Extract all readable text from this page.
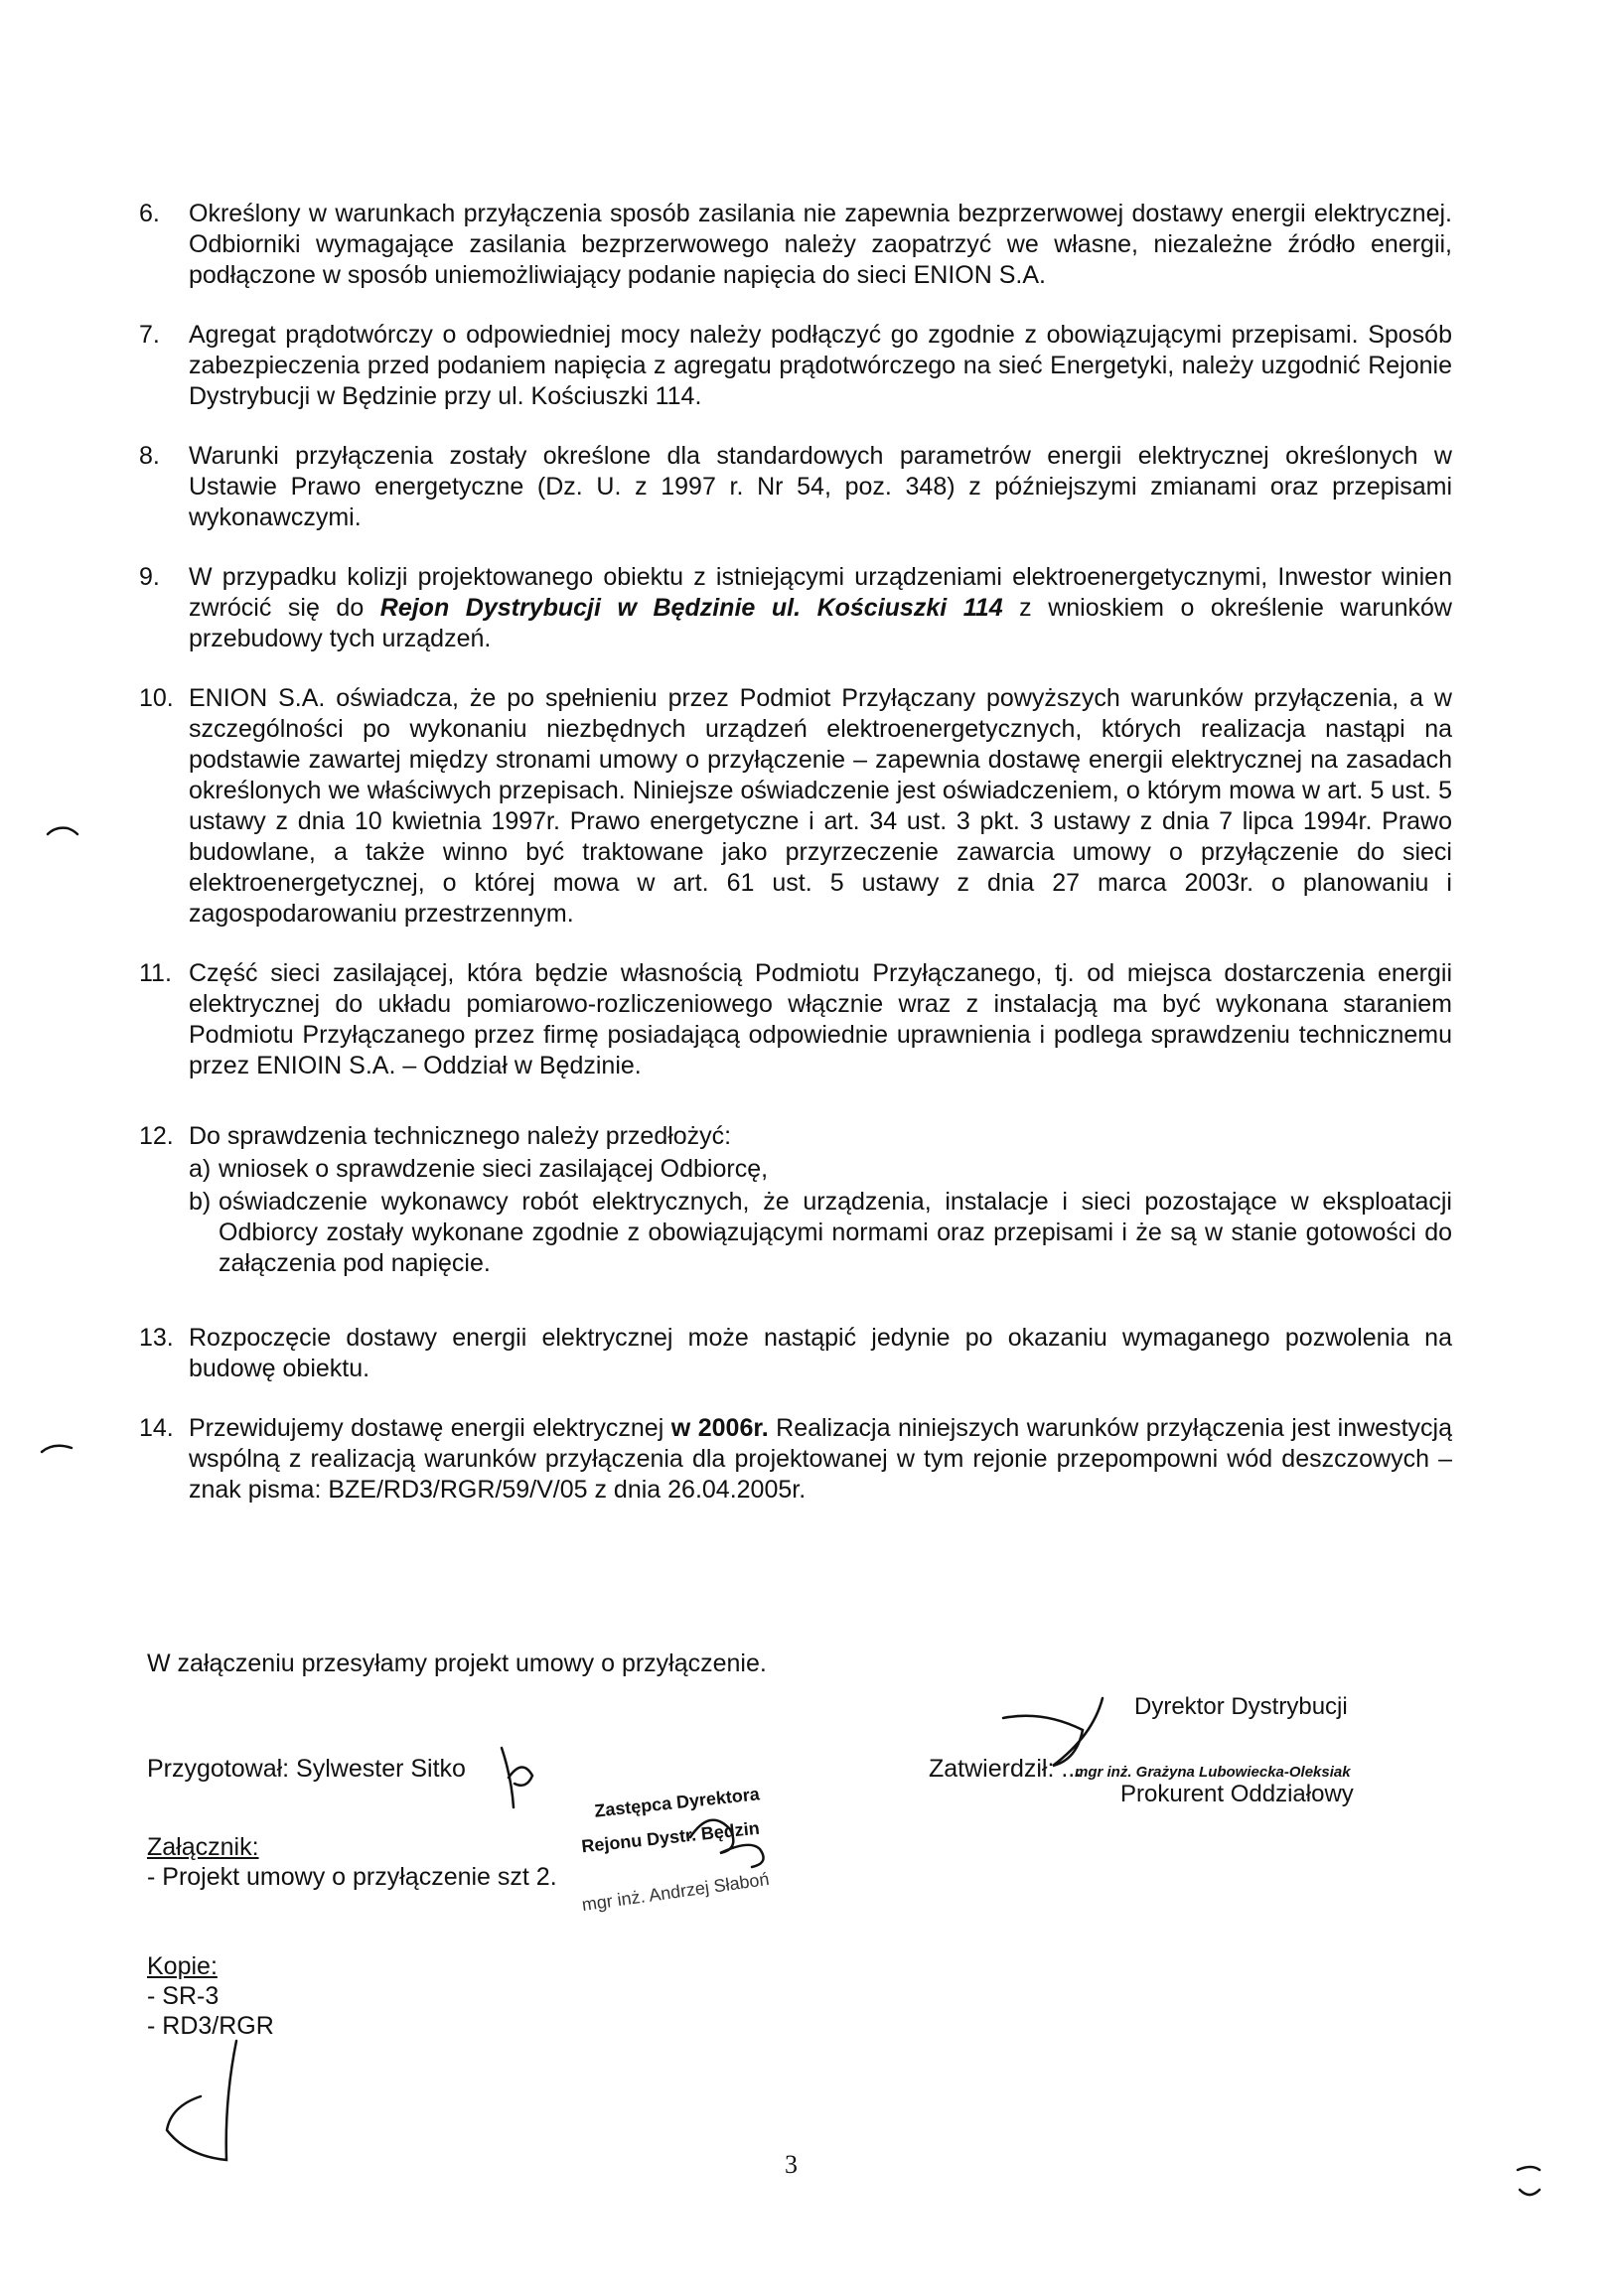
6.	Określony w warunkach przyłączenia sposób zasilania nie zapewnia bezprzerwowej dostawy energii elektrycznej. Odbiorniki wymagające zasilania bezprzerwowego należy zaopatrzyć we własne, niezależne źródło energii, podłączone w sposób uniemożliwiający podanie napięcia do sieci ENION S.A.
7.	Agregat prądotwórczy o odpowiedniej mocy należy podłączyć go zgodnie z obowiązującymi przepisami. Sposób zabezpieczenia przed podaniem napięcia z agregatu prądotwórczego na sieć Energetyki, należy uzgodnić Rejonie Dystrybucji w Będzinie przy ul. Kościuszki 114.
8.	Warunki przyłączenia zostały określone dla standardowych parametrów energii elektrycznej określonych w Ustawie Prawo energetyczne (Dz. U. z 1997 r. Nr 54, poz. 348) z późniejszymi zmianami oraz przepisami wykonawczymi.
9.	W przypadku kolizji projektowanego obiektu z istniejącymi urządzeniami elektroenergetycznymi, Inwestor winien zwrócić się do Rejon Dystrybucji w Będzinie ul. Kościuszki 114 z wnioskiem o określenie warunków przebudowy tych urządzeń.
10. ENION S.A. oświadcza, że po spełnieniu przez Podmiot Przyłączany powyższych warunków przyłączenia, a w szczególności po wykonaniu niezbędnych urządzeń elektroenergetycznych, których realizacja nastąpi na podstawie zawartej między stronami umowy o przyłączenie – zapewnia dostawę energii elektrycznej na zasadach określonych we właściwych przepisach. Niniejsze oświadczenie jest oświadczeniem, o którym mowa w art. 5 ust. 5 ustawy z dnia 10 kwietnia 1997r. Prawo energetyczne i art. 34 ust. 3 pkt. 3 ustawy z dnia 7 lipca 1994r. Prawo budowlane, a także winno być traktowane jako przyrzeczenie zawarcia umowy o przyłączenie do sieci elektroenergetycznej, o której mowa w art. 61 ust. 5 ustawy z dnia 27 marca 2003r. o planowaniu i zagospodarowaniu przestrzennym.
11. Część sieci zasilającej, która będzie własnością Podmiotu Przyłączanego, tj. od miejsca dostarczenia energii elektrycznej do układu pomiarowo-rozliczeniowego włącznie wraz z instalacją ma być wykonana staraniem Podmiotu Przyłączanego przez firmę posiadającą odpowiednie uprawnienia i podlega sprawdzeniu technicznemu przez ENIOIN S.A. – Oddział w Będzinie.
12. Do sprawdzenia technicznego należy przedłożyć:
a) wniosek o sprawdzenie sieci zasilającej Odbiorcę,
b) oświadczenie wykonawcy robót elektrycznych, że urządzenia, instalacje i sieci pozostające w eksploatacji Odbiorcy zostały wykonane zgodnie z obowiązującymi normami oraz przepisami i że są w stanie gotowości do załączenia pod napięcie.
13. Rozpoczęcie dostawy energii elektrycznej może nastąpić jedynie po okazaniu wymaganego pozwolenia na budowę obiektu.
14. Przewidujemy dostawę energii elektrycznej w 2006r. Realizacja niniejszych warunków przyłączenia jest inwestycją wspólną z realizacją warunków przyłączenia dla projektowanej w tym rejonie przepompowni wód deszczowych – znak pisma: BZE/RD3/RGR/59/V/05 z dnia 26.04.2005r.
W załączeniu przesyłamy projekt umowy o przyłączenie.
Przygotował: Sylwester Sitko	Zatwierdził: ...
Dyrektor Dystrybucji
mgr inż. Grażyna Lubowiecka-Oleksiak
Prokurent Oddziałowy
Zastępca Dyrektora
Rejonu Dystr. Będzin
mgr inż. Andrzej Słaboń
Załącznik:
- Projekt umowy o przyłączenie szt 2.
Kopie:
- SR-3
- RD3/RGR
3
